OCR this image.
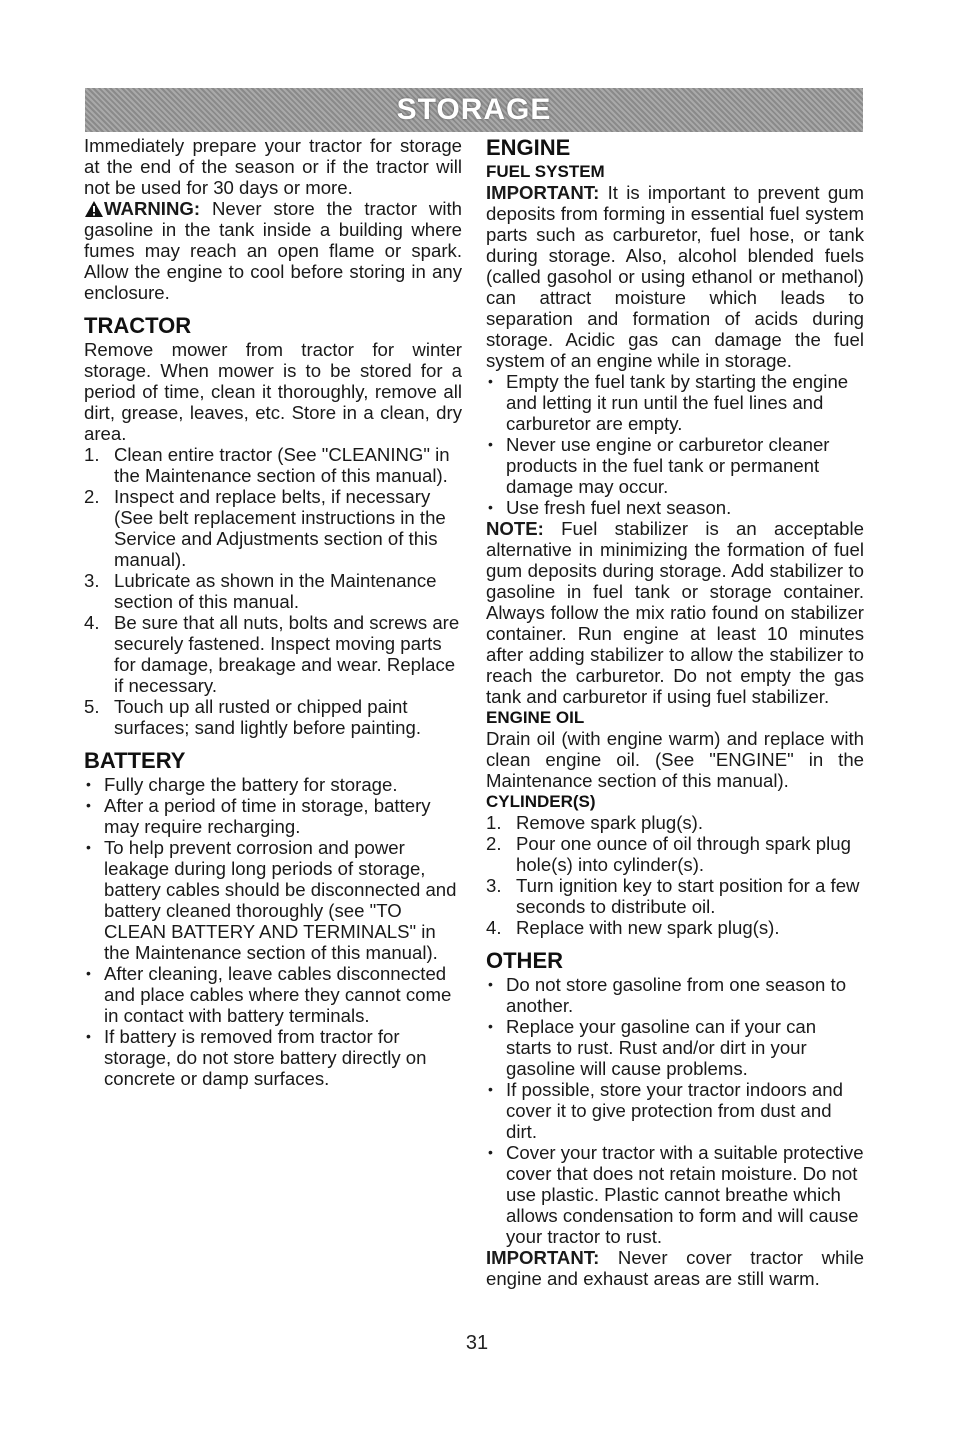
STORAGE

Immediately prepare your tractor for storage at the end of the season or if the tractor will not be used for 30 days or more.

WARNING: Never store the tractor with gasoline in the tank inside a building where fumes may reach an open flame or spark. Allow the engine to cool before storing in any enclosure.

TRACTOR

Remove mower from tractor for winter storage. When mower is to be stored for a period of time, clean it thoroughly, remove all dirt, grease, leaves, etc. Store in a clean, dry area.

1. Clean entire tractor (See "CLEANING" in the Maintenance section of this manual).
2. Inspect and replace belts, if necessary (See belt replacement instructions in the Service and Adjustments section of this manual).
3. Lubricate as shown in the Maintenance section of this manual.
4. Be sure that all nuts, bolts and screws are securely fastened. Inspect moving parts for damage, breakage and wear. Replace if necessary.
5. Touch up all rusted or chipped paint surfaces; sand lightly before painting.
BATTERY
• Fully charge the battery for storage.
• After a period of time in storage, battery may require recharging.
• To help prevent corrosion and power leakage during long periods of storage, battery cables should be disconnected and battery cleaned thoroughly (see "TO CLEAN BATTERY AND TERMINALS" in the Maintenance section of this manual).
• After cleaning, leave cables disconnected and place cables where they cannot come in contact with battery terminals.
• If battery is removed from tractor for storage, do not store battery directly on concrete or damp surfaces.
ENGINE
FUEL SYSTEM

IMPORTANT: It is important to prevent gum deposits from forming in essential fuel system parts such as carburetor, fuel hose, or tank during storage. Also, alcohol blended fuels (called gasohol or using ethanol or methanol) can attract moisture which leads to separation and formation of acids during storage. Acidic gas can damage the fuel system of an engine while in storage.

• Empty the fuel tank by starting the engine and letting it run until the fuel lines and carburetor are empty.
• Never use engine or carburetor cleaner products in the fuel tank or permanent damage may occur.
• Use fresh fuel next season.

NOTE: Fuel stabilizer is an acceptable alternative in minimizing the formation of fuel gum deposits during storage. Add stabilizer to gasoline in fuel tank or storage container. Always follow the mix ratio found on stabilizer container. Run engine at least 10 minutes after adding stabilizer to allow the stabilizer to reach the carburetor. Do not empty the gas tank and carburetor if using fuel stabilizer.

ENGINE OIL

Drain oil (with engine warm) and replace with clean engine oil. (See "ENGINE" in the Maintenance section of this manual).

CYLINDER(S)
1. Remove spark plug(s).
2. Pour one ounce of oil through spark plug hole(s) into cylinder(s).
3. Turn ignition key to start position for a few seconds to distribute oil.
4. Replace with new spark plug(s).
OTHER
• Do not store gasoline from one season to another.
• Replace your gasoline can if your can starts to rust. Rust and/or dirt in your gasoline will cause problems.
• If possible, store your tractor indoors and cover it to give protection from dust and dirt.
• Cover your tractor with a suitable protective cover that does not retain moisture. Do not use plastic. Plastic cannot breathe which allows condensation to form and will cause your tractor to rust.

IMPORTANT: Never cover tractor while engine and exhaust areas are still warm.

31
